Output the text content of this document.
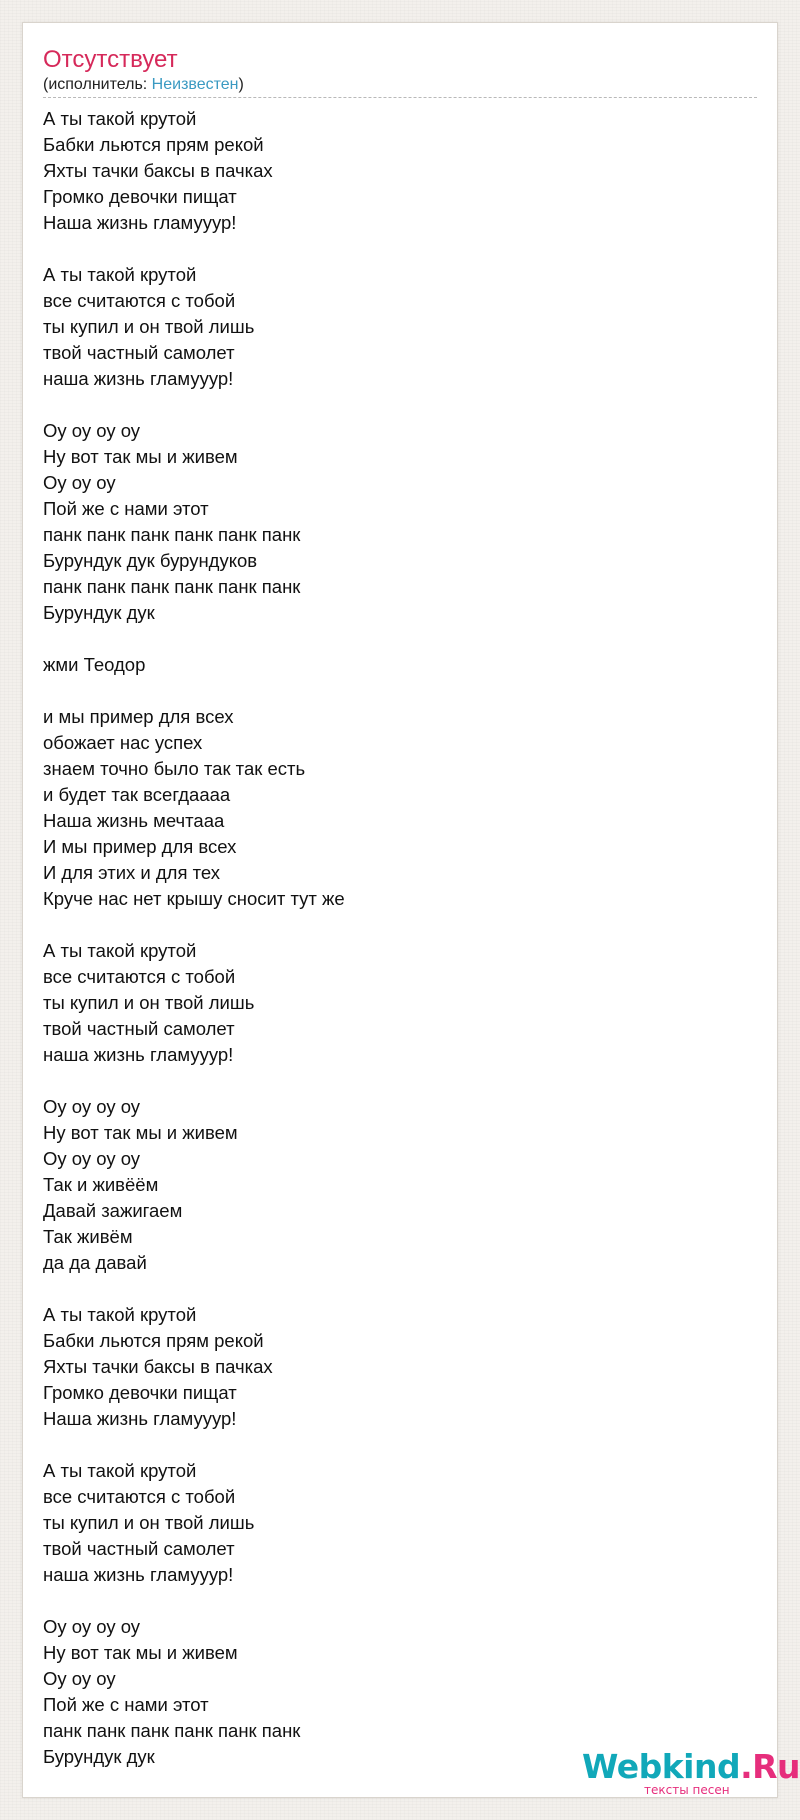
Отсутствует
(исполнитель: Неизвестен)
А ты такой крутой
Бабки льются прям рекой
Яхты тачки баксы в пачках
Громко девочки пищат
Наша жизнь гламууур!

А ты такой крутой
все считаются с тобой
ты купил и он твой лишь
твой частный самолет
наша жизнь гламууур!

Оу оу оу оу
Ну вот так мы и живем
Оу оу оу
Пой же с нами этот
панк панк панк панк панк панк
Бурундук дук бурундуков
панк панк панк панк панк панк
Бурундук дук

жми Теодор

и мы пример для всех
обожает нас успех
знаем точно было так так есть
и будет так всегдаааа
Наша жизнь мечтааа
И мы пример для всех
И для этих и для тех
Круче нас нет крышу сносит тут же

А ты такой крутой
все считаются с тобой
ты купил и он твой лишь
твой частный самолет
наша жизнь гламууур!

Оу оу оу оу
Ну вот так мы и живем
Оу оу оу оу
Так и живёём
Давай зажигаем
Так живём
да да давай

А ты такой крутой
Бабки льются прям рекой
Яхты тачки баксы в пачках
Громко девочки пищат
Наша жизнь гламууур!

А ты такой крутой
все считаются с тобой
ты купил и он твой лишь
твой частный самолет
наша жизнь гламууур!

Оу оу оу оу
Ну вот так мы и живем
Оу оу оу
Пой же с нами этот
панк панк панк панк панк панк
Бурундук дук	Webkind.Ru
тексты песен
